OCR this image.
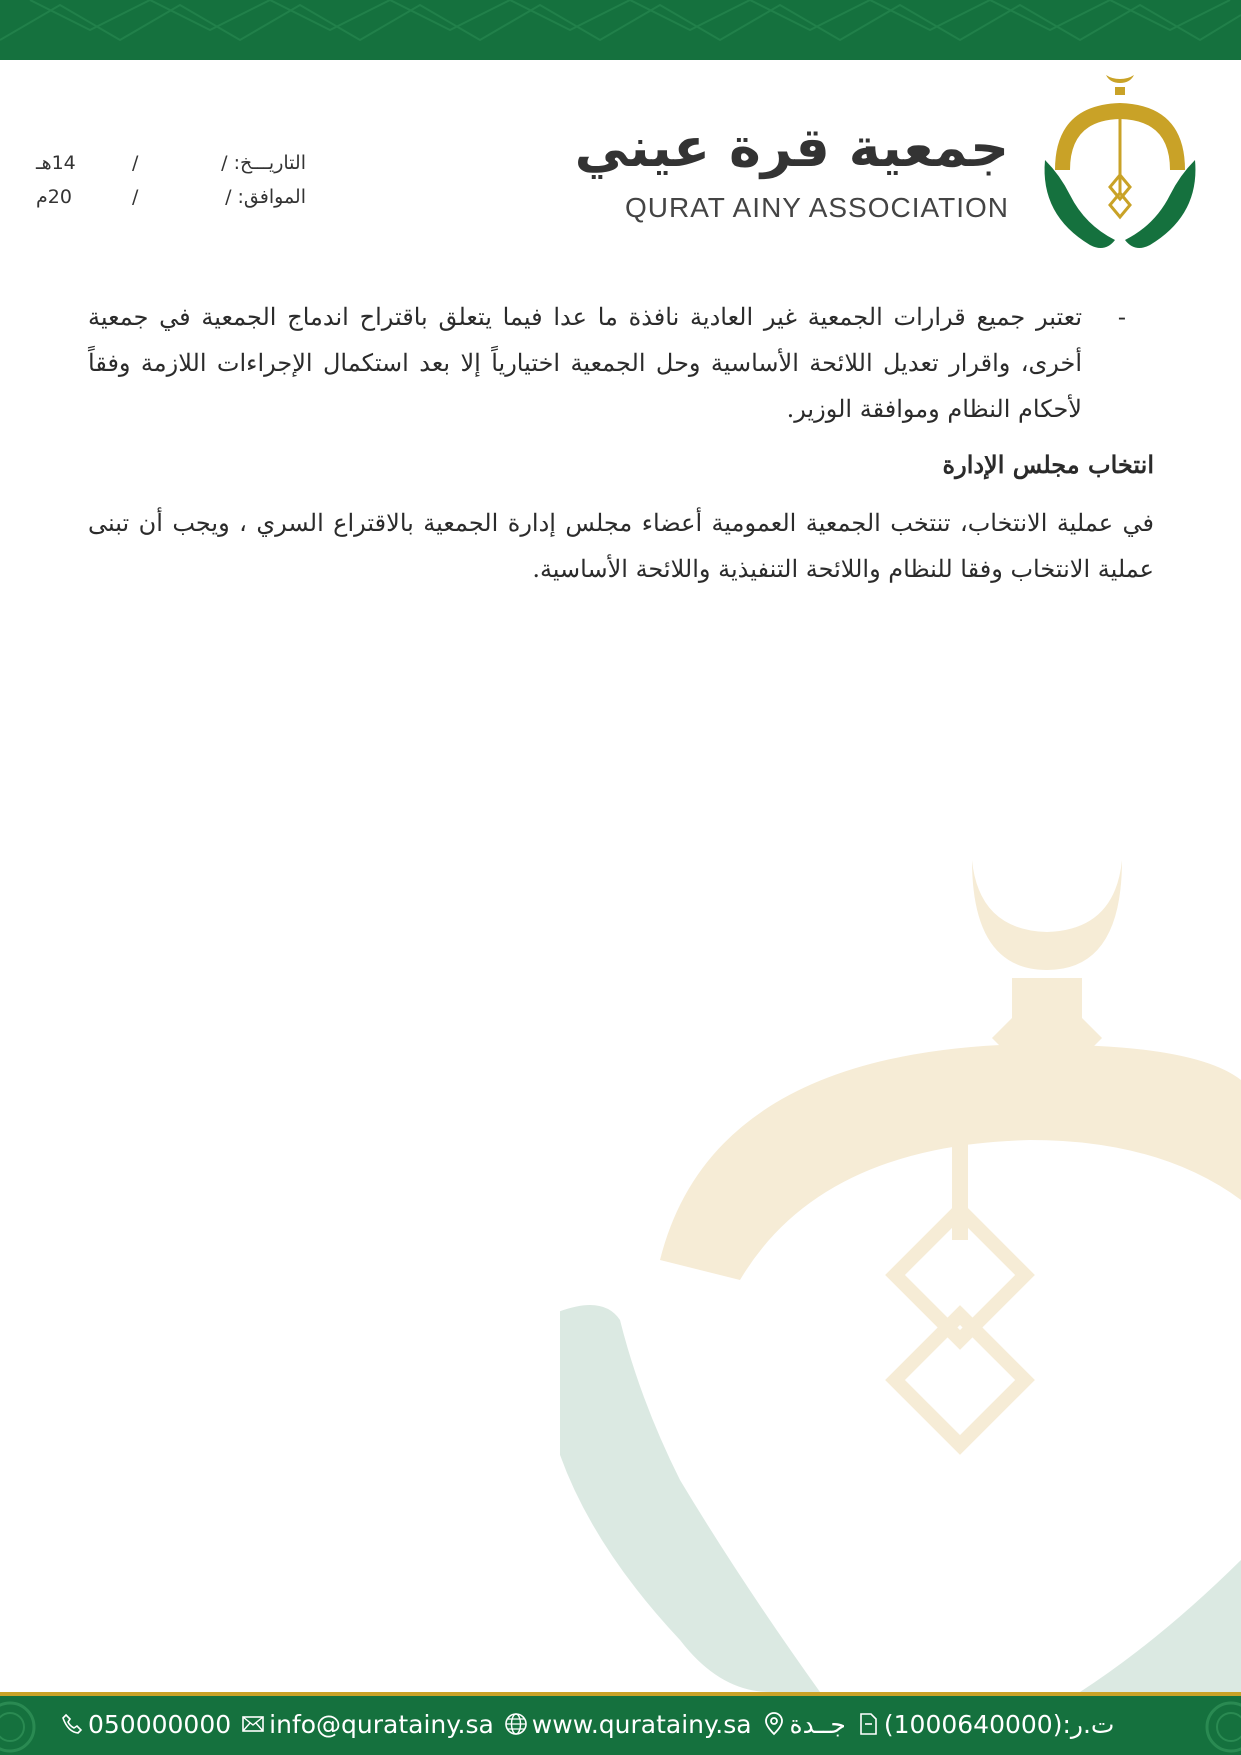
جمعية قرة عيني
QURAT AINY ASSOCIATION
التاريـــخ: /
/
14هـ
الموافق: /
/
20م
-
تعتبر جميع قرارات الجمعية غير العادية نافذة ما عدا فيما يتعلق باقتراح اندماج الجمعية في جمعية أخرى، واقرار تعديل اللائحة الأساسية وحل الجمعية اختيارياً إلا بعد استكمال الإجراءات اللازمة وفقاً لأحكام النظام وموافقة الوزير.
انتخاب مجلس الإدارة

في عملية الانتخاب، تنتخب الجمعية العمومية أعضاء مجلس إدارة الجمعية بالاقتراع السري ، ويجب أن تبنى عملية الانتخاب وفقا للنظام واللائحة التنفيذية واللائحة الأساسية.

050000000 info@quratainy.sa www.quratainy.sa جــدة ت.ر:(1000640000)
